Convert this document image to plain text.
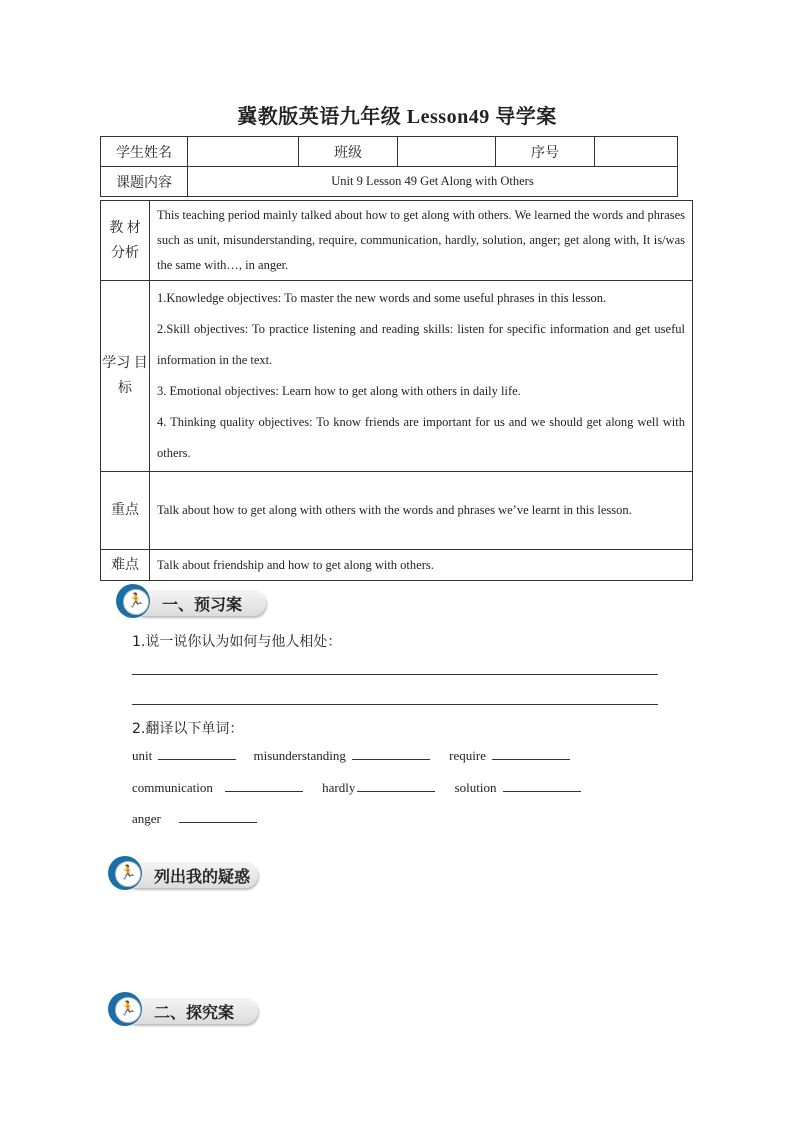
冀教版英语九年级 Lesson49 导学案
学生姓名		班级		序号	
课题内容	Unit 9 Lesson 49 Get Along with Others				
教 材 分析	This teaching period mainly talked about how to get along with others. We learned the words and phrases such as unit, misunderstanding, require, communication, hardly, solution, anger; get along with, It is/was the same with…, in anger.
学习 目标	1.Knowledge objectives: To master the new words and some useful phrases in this lesson.

2.Skill objectives: To practice listening and reading skills: listen for specific information and get useful information in the text.

3. Emotional objectives: Learn how to get along with others in daily life.

4. Thinking quality objectives: To know friends are important for us and we should get along well with others.

重点	Talk about how to get along with others with the words and phrases we’ve learnt in this lesson.
难点	Talk about friendship and how to get along with others.
🏃 一、预习案
1.说一说你认为如何与他人相处：
2.翻译以下单词：
unit	misunderstanding	require
communication	hardly	solution
anger
🏃 列出我的疑惑
🏃 二、探究案
